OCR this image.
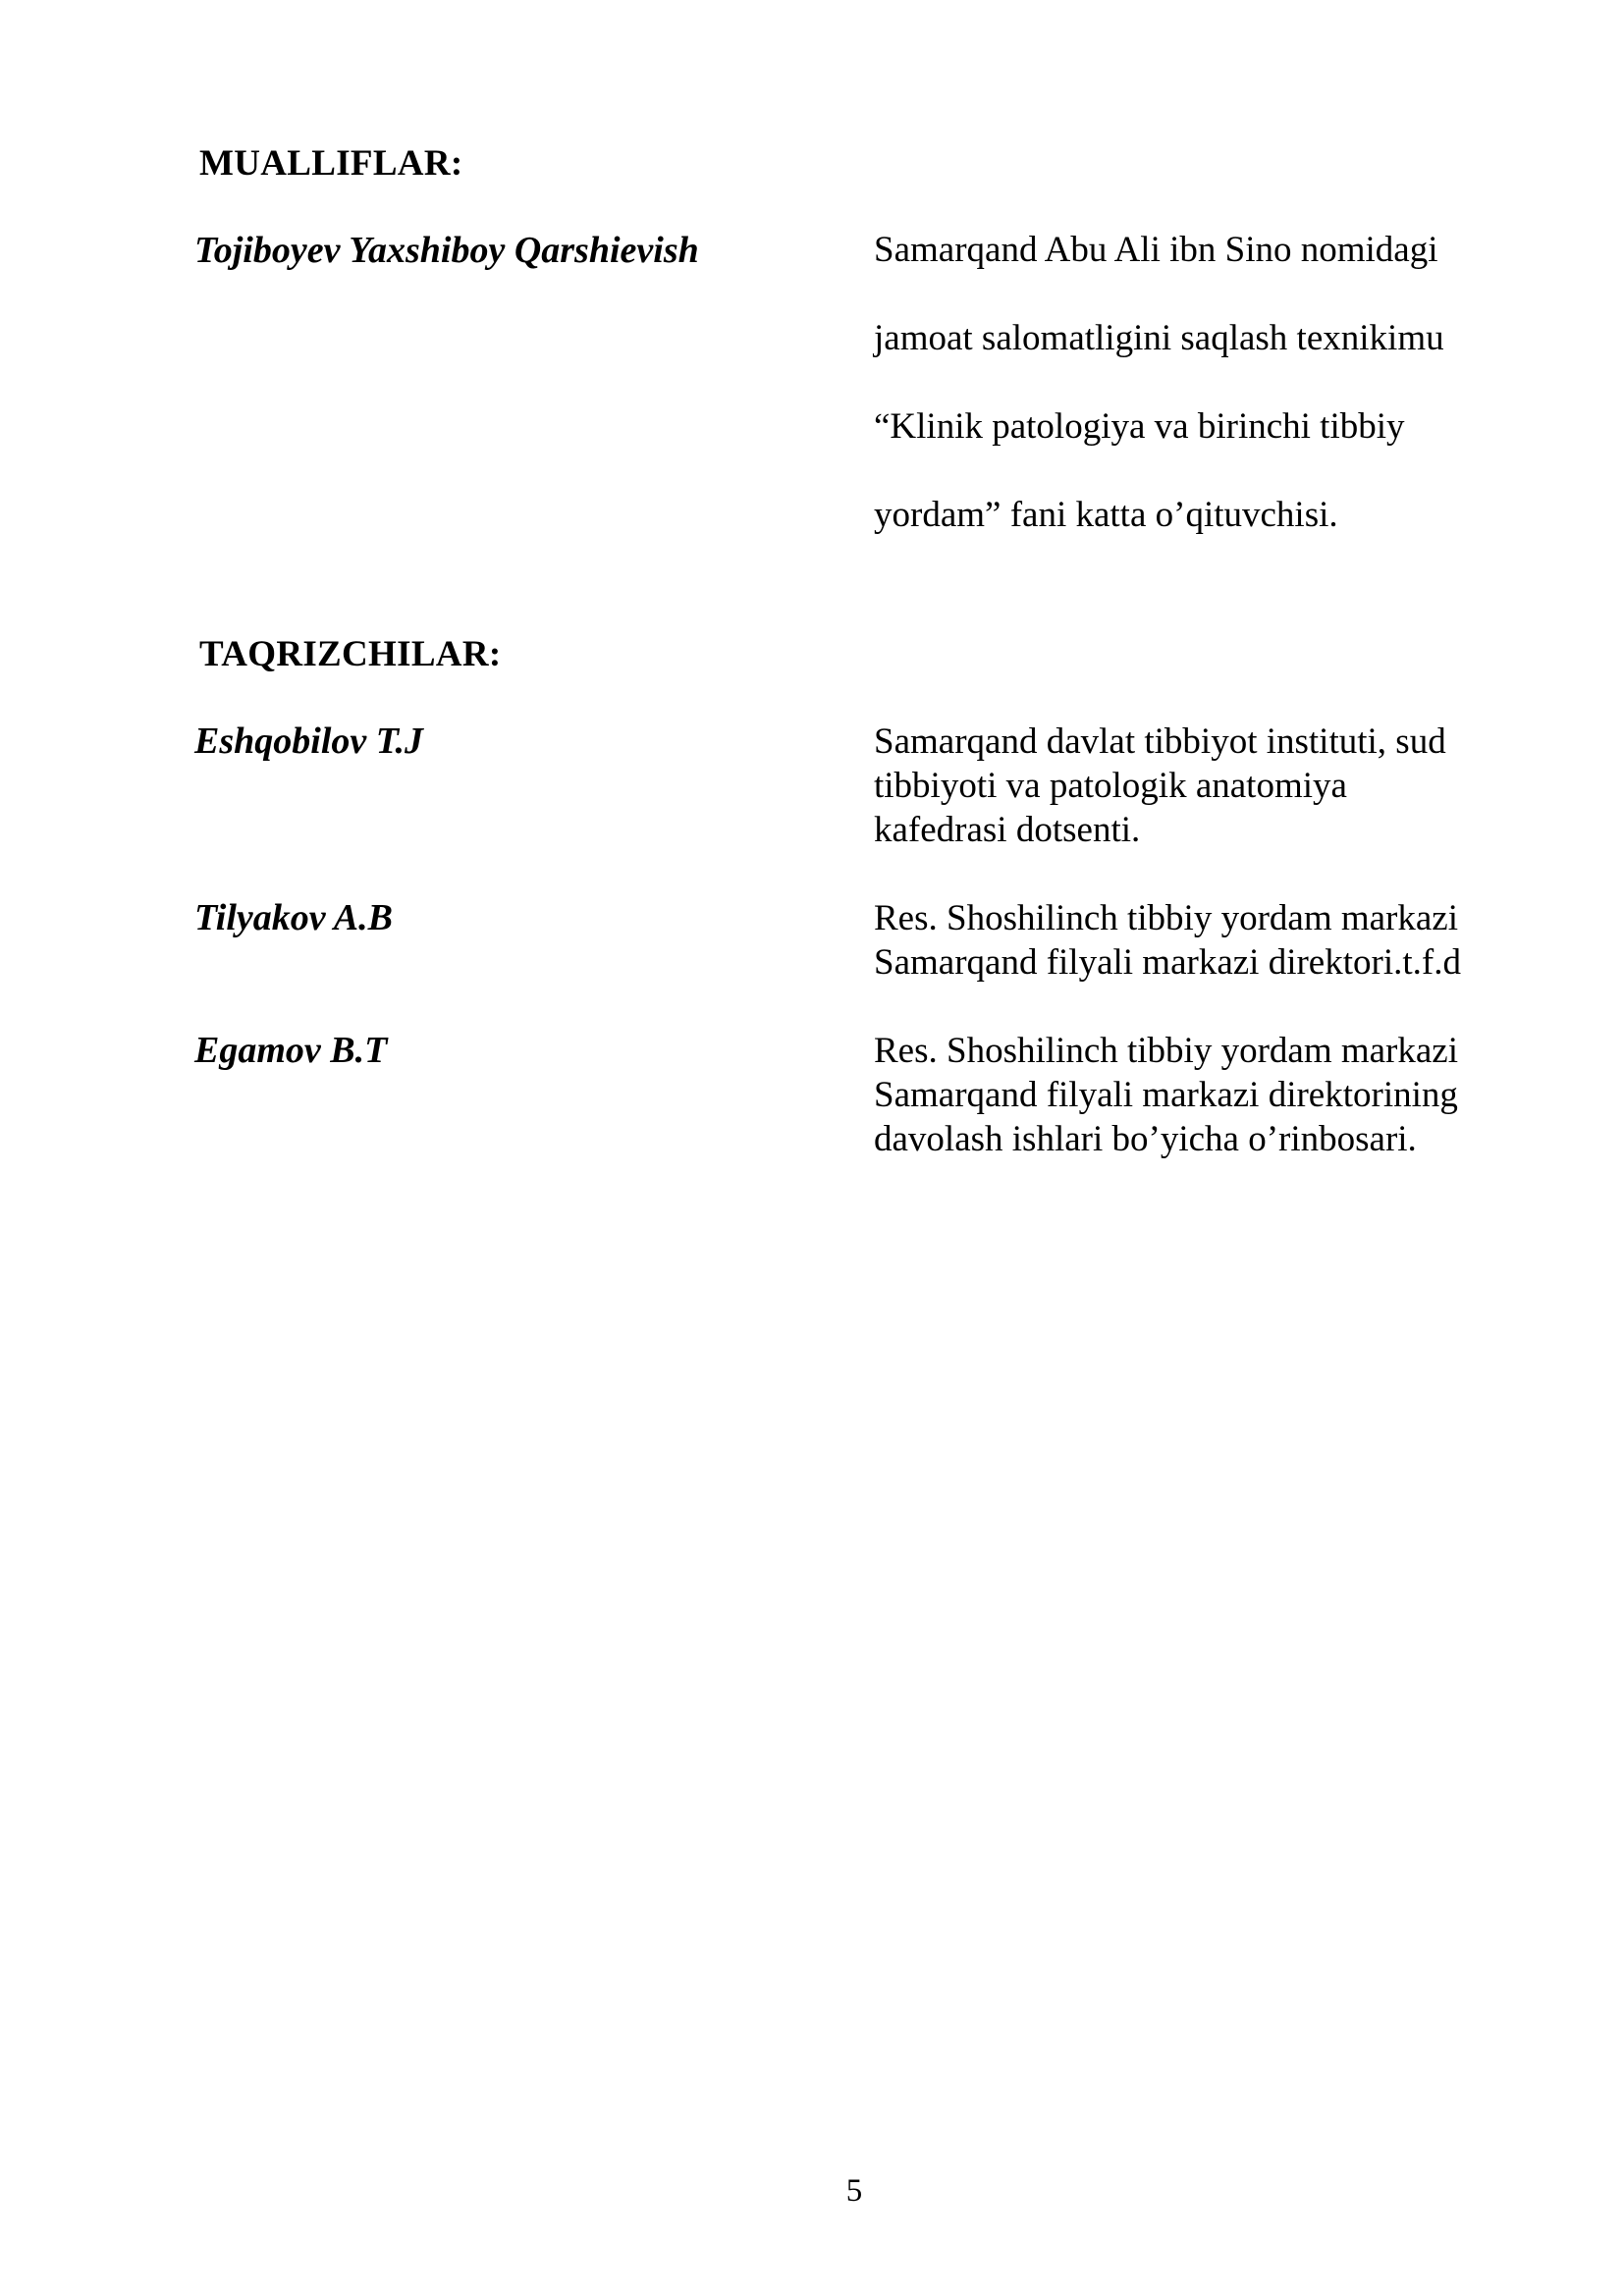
MUALLIFLAR:
Tojiboyev Yaxshiboy Qarshievish	Samarqand Abu Ali ibn Sino nomidagi
jamoat salomatligini saqlash texnikimu
“Klinik patologiya va birinchi tibbiy
yordam” fani katta o’qituvchisi.
TAQRIZCHILAR:
Eshqobilov T.J	Samarqand davlat tibbiyot instituti, sud
tibbiyoti va patologik anatomiya
kafedrasi dotsenti.
Tilyakov A.B	Res. Shoshilinch tibbiy yordam markazi
Samarqand filyali markazi direktori.t.f.d
Egamov B.T	Res. Shoshilinch tibbiy yordam markazi
Samarqand filyali markazi direktorining
davolash ishlari bo’yicha o’rinbosari.
5
